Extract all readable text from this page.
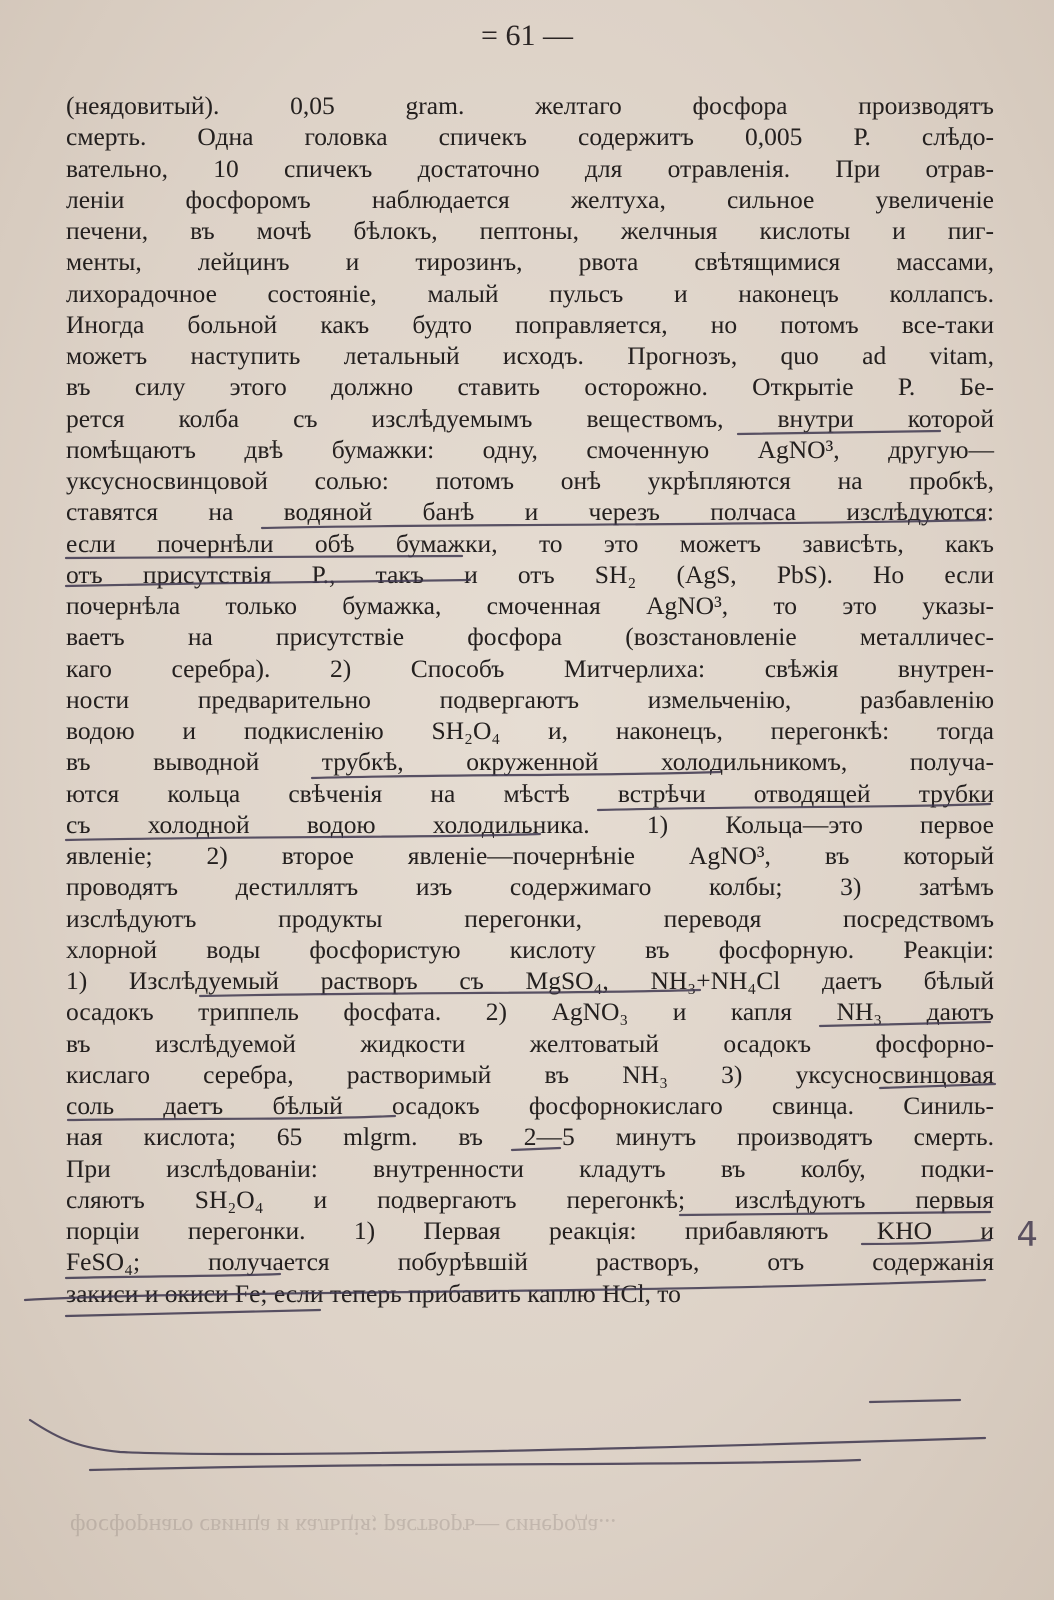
= 61 —
(неядовитый). 0,05 gram. желтаго фосфора производятъ
смерть. Одна головка спичекъ содержитъ 0,005 Р. слѣдо-
вательно, 10 спичекъ достаточно для отравленія. При отрав-
леніи фосфоромъ наблюдается желтуха, сильное увеличеніе
печени, въ мочѣ бѣлокъ, пептоны, желчныя кислоты и пиг-
менты, лейцинъ и тирозинъ, рвота свѣтящимися массами,
лихорадочное состояніе, малый пульсъ и наконецъ коллапсъ.
Иногда больной какъ будто поправляется, но потомъ все-таки
можетъ наступить летальный исходъ. Прогнозъ, quo ad vitam,
въ силу этого должно ставить осторожно. Открытіе Р. Бе-
рется колба съ изслѣдуемымъ веществомъ, внутри которой
помѣщаютъ двѣ бумажки: одну, смоченную AgNO³, другую—
уксусносвинцовой солью: потомъ онѣ укрѣпляются на пробкѣ,
ставятся на водяной банѣ и черезъ полчаса изслѣдуются:
если почернѣли обѣ бумажки, то это можетъ зависѣть, какъ
отъ присутствія Р., такъ и отъ SH₂ (AgS, PbS). Но если
почернѣла только бумажка, смоченная AgNO³, то это указы-
ваетъ на присутствіе фосфора (возстановленіе металличес-
каго серебра). 2) Способъ Митчерлиха: свѣжія внутрен-
ности предварительно подвергаютъ измельченію, разбавленію
водою и подкисленію SH₂O₄ и, наконецъ, перегонкѣ: тогда
въ выводной трубкѣ, окруженной холодильникомъ, получа-
ются кольца свѣченія на мѣстѣ встрѣчи отводящей трубки
съ холодной водою холодильника. 1) Кольца—это первое
явленіе; 2) второе явленіе—почернѣніе AgNO³, въ который
проводятъ дестиллятъ изъ содержимаго колбы; 3) затѣмъ
изслѣдуютъ продукты перегонки, переводя посредствомъ
хлорной воды фосфористую кислоту въ фосфорную. Реакціи:
1) Изслѣдуемый растворъ съ MgSO₄, NH₃+NH₄Cl даетъ бѣлый
осадокъ триппель фосфата. 2) AgNO₃ и капля NH₃ даютъ
въ изслѣдуемой жидкости желтоватый осадокъ фосфорно-
кислаго серебра, растворимый въ NH₃ 3) уксусносвинцовая
соль даетъ бѣлый осадокъ фосфорнокислаго свинца. Синиль-
ная кислота; 65 mlgrm. въ 2—5 минутъ производятъ смерть.
При изслѣдованіи: внутренности кладутъ въ колбу, подки-
сляютъ SH₂O₄ и подвергаютъ перегонкѣ; изслѣдуютъ первыя
порціи перегонки. 1) Первая реакція: прибавляютъ KHO и
FeSO₄; получается побурѣвшій растворъ, отъ содержанія
закиси и окиси Fe; если теперь прибавить каплю HCl, то
фосфорнаго свинца и кальція; растворъ— синерода...
4
